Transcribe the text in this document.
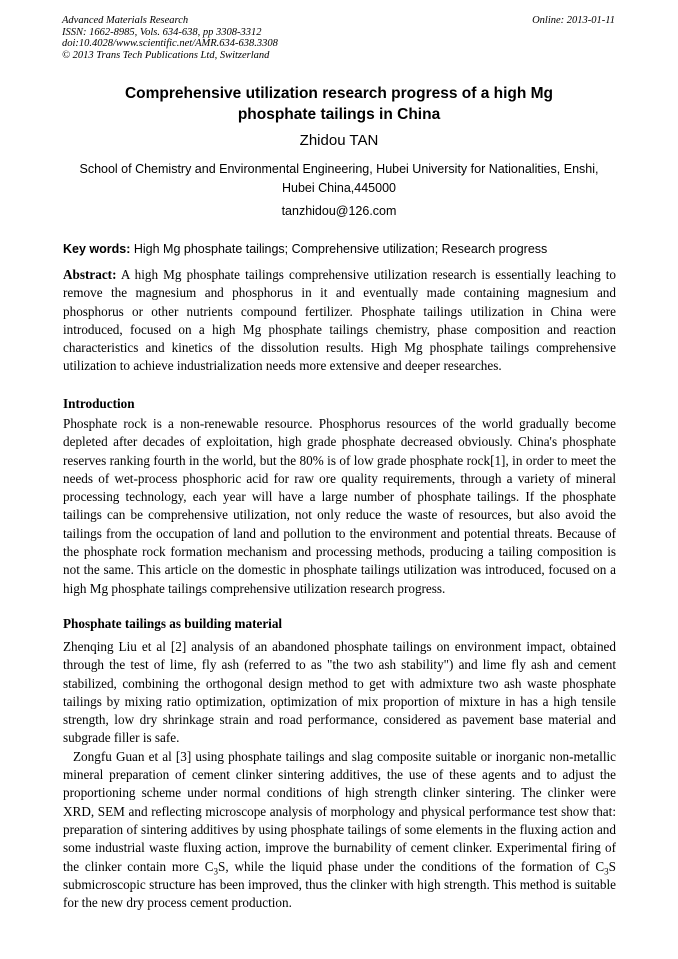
Advanced Materials Research
ISSN: 1662-8985, Vols. 634-638, pp 3308-3312
doi:10.4028/www.scientific.net/AMR.634-638.3308
© 2013 Trans Tech Publications Ltd, Switzerland
Online: 2013-01-11
Comprehensive utilization research progress of a high Mg
phosphate tailings in China
Zhidou TAN
School of Chemistry and Environmental Engineering, Hubei University for Nationalities, Enshi,
Hubei China,445000
tanzhidou@126.com
Key words: High Mg phosphate tailings; Comprehensive utilization; Research progress

Abstract: A high Mg phosphate tailings comprehensive utilization research is essentially leaching to remove the magnesium and phosphorus in it and eventually made containing magnesium and phosphorus or other nutrients compound fertilizer. Phosphate tailings utilization in China were introduced, focused on a high Mg phosphate tailings chemistry, phase composition and reaction characteristics and kinetics of the dissolution results. High Mg phosphate tailings comprehensive utilization to achieve industrialization needs more extensive and deeper researches.

Introduction

Phosphate rock is a non-renewable resource. Phosphorus resources of the world gradually become depleted after decades of exploitation, high grade phosphate decreased obviously. China's phosphate reserves ranking fourth in the world, but the 80% is of low grade phosphate rock[1], in order to meet the needs of wet-process phosphoric acid for raw ore quality requirements, through a variety of mineral processing technology, each year will have a large number of phosphate tailings. If the phosphate tailings can be comprehensive utilization, not only reduce the waste of resources, but also avoid the tailings from the occupation of land and pollution to the environment and potential threats. Because of the phosphate rock formation mechanism and processing methods, producing a tailing composition is not the same. This article on the domestic in phosphate tailings utilization was introduced, focused on a high Mg phosphate tailings comprehensive utilization research progress.

Phosphate tailings as building material

Zhenqing Liu et al [2] analysis of an abandoned phosphate tailings on environment impact, obtained through the test of lime, fly ash (referred to as "the two ash stability") and lime fly ash and cement stabilized, combining the orthogonal design method to get with admixture two ash waste phosphate tailings by mixing ratio optimization, optimization of mix proportion of mixture in has a high tensile strength, low dry shrinkage strain and road performance, considered as pavement base material and subgrade filler is safe.

Zongfu Guan et al [3] using phosphate tailings and slag composite suitable or inorganic non-metallic mineral preparation of cement clinker sintering additives, the use of these agents and to adjust the proportioning scheme under normal conditions of high strength clinker sintering. The clinker were XRD, SEM and reflecting microscope analysis of morphology and physical performance test show that: preparation of sintering additives by using phosphate tailings of some elements in the fluxing action and some industrial waste fluxing action, improve the burnability of cement clinker. Experimental firing of the clinker contain more $C_3S$, while the liquid phase under the conditions of the formation of $C_3S$ submicroscopic structure has been improved, thus the clinker with high strength. This method is suitable for the new dry process cement production.
